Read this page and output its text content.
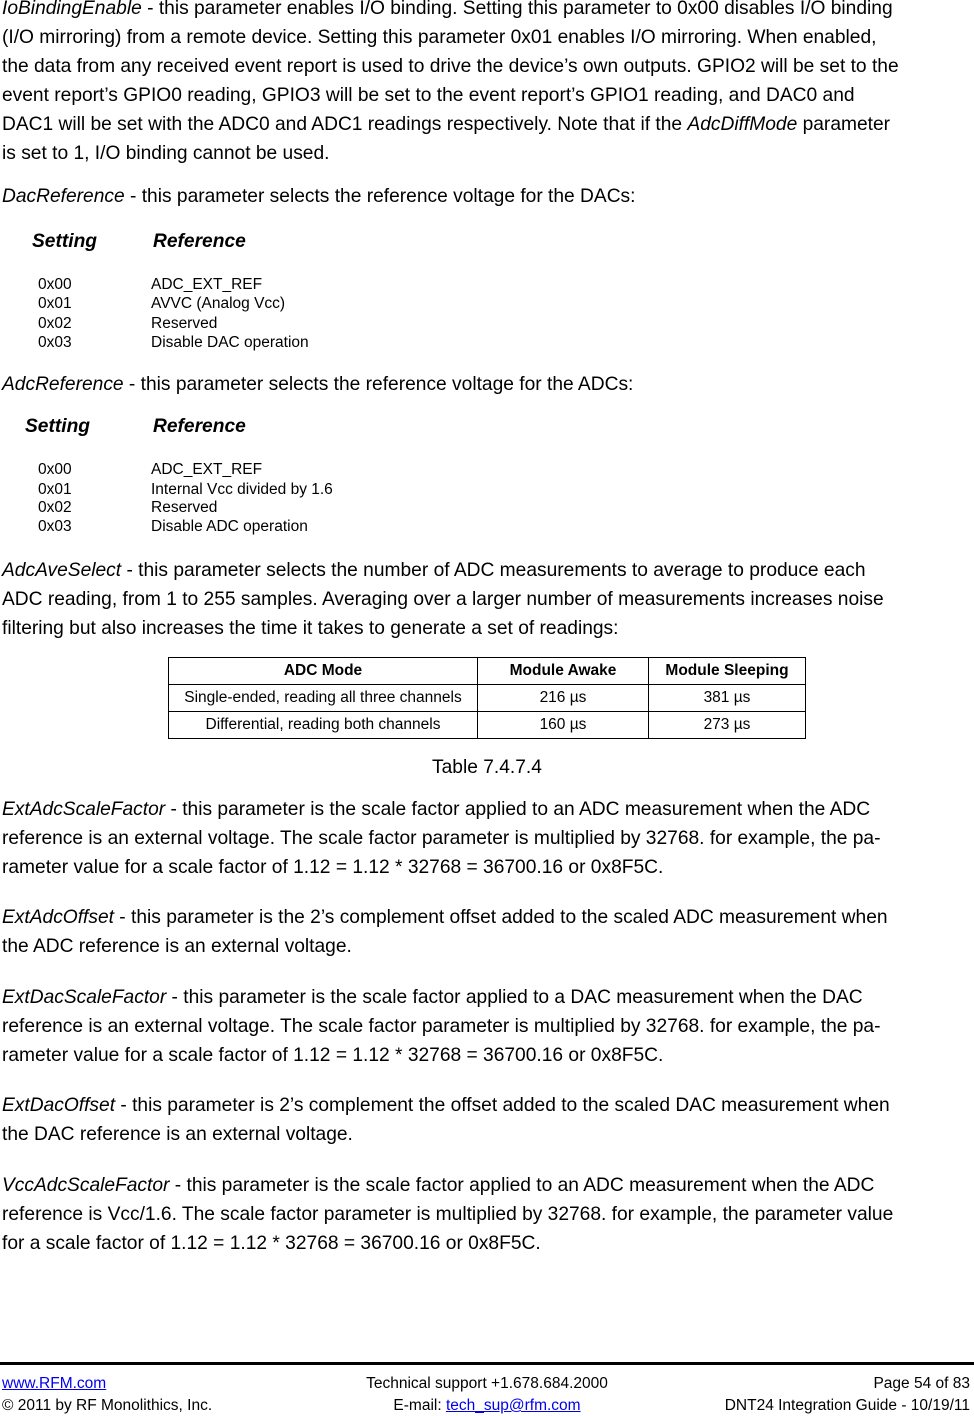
IoBindingEnable - this parameter enables I/O binding. Setting this parameter to 0x00 disables I/O binding
(I/O mirroring) from a remote device. Setting this parameter 0x01 enables I/O mirroring. When enabled,
the data from any received event report is used to drive the device’s own outputs. GPIO2 will be set to the
event report’s GPIO0 reading, GPIO3 will be set to the event report’s GPIO1 reading, and DAC0 and
DAC1 will be set with the ADC0 and ADC1 readings respectively. Note that if the AdcDiffMode parameter
is set to 1, I/O binding cannot be used.

DacReference - this parameter selects the reference voltage for the DACs:

Setting	Reference
0x00	ADC_EXT_REF
0x01	AVVC (Analog Vcc)
0x02	Reserved
0x03	Disable DAC operation

AdcReference - this parameter selects the reference voltage for the ADCs:

Setting	Reference
0x00	ADC_EXT_REF
0x01	Internal Vcc divided by 1.6
0x02	Reserved
0x03	Disable ADC operation

AdcAveSelect - this parameter selects the number of ADC measurements to average to produce each
ADC reading, from 1 to 255 samples. Averaging over a larger number of measurements increases noise
filtering but also increases the time it takes to generate a set of readings:

ADC Mode	Module Awake	Module Sleeping
Single-ended, reading all three channels	216 µs	381 µs
Differential, reading both channels	160 µs	273 µs
Table 7.4.7.4

ExtAdcScaleFactor - this parameter is the scale factor applied to an ADC measurement when the ADC
reference is an external voltage. The scale factor parameter is multiplied by 32768. for example, the pa-
rameter value for a scale factor of 1.12 = 1.12 * 32768 = 36700.16 or 0x8F5C.

ExtAdcOffset - this parameter is the 2’s complement offset added to the scaled ADC measurement when
the ADC reference is an external voltage.

ExtDacScaleFactor - this parameter is the scale factor applied to a DAC measurement when the DAC
reference is an external voltage. The scale factor parameter is multiplied by 32768. for example, the pa-
rameter value for a scale factor of 1.12 = 1.12 * 32768 = 36700.16 or 0x8F5C.

ExtDacOffset - this parameter is 2’s complement the offset added to the scaled DAC measurement when
the DAC reference is an external voltage.

VccAdcScaleFactor - this parameter is the scale factor applied to an ADC measurement when the ADC
reference is Vcc/1.6. The scale factor parameter is multiplied by 32768. for example, the parameter value
for a scale factor of 1.12 = 1.12 * 32768 = 36700.16 or 0x8F5C.

www.RFM.com
© 2011 by RF Monolithics, Inc.
Technical support +1.678.684.2000
E-mail: tech_sup@rfm.com
Page 54 of 83
DNT24 Integration Guide - 10/19/11
